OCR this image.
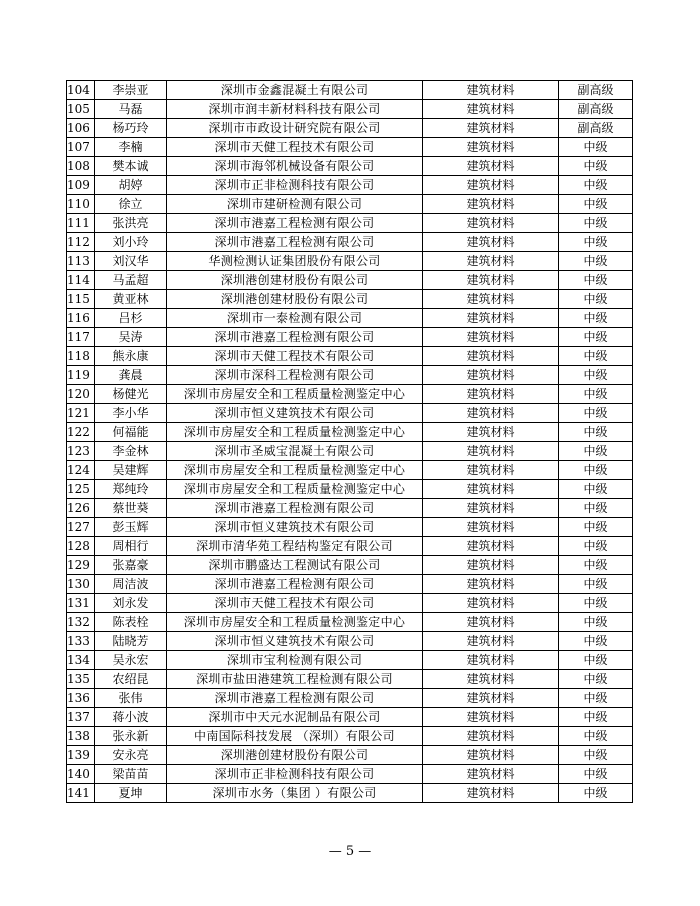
104	李崇亚	深圳市金鑫混凝土有限公司	建筑材料	副高级
105	马磊	深圳市润丰新材料科技有限公司	建筑材料	副高级
106	杨巧玲	深圳市市政设计研究院有限公司	建筑材料	副高级
107	李楠	深圳市天健工程技术有限公司	建筑材料	中级
108	樊本诚	深圳市海邻机械设备有限公司	建筑材料	中级
109	胡婷	深圳市正非检测科技有限公司	建筑材料	中级
110	徐立	深圳市建研检测有限公司	建筑材料	中级
111	张洪亮	深圳市港嘉工程检测有限公司	建筑材料	中级
112	刘小玲	深圳市港嘉工程检测有限公司	建筑材料	中级
113	刘汉华	华测检测认证集团股份有限公司	建筑材料	中级
114	马孟超	深圳港创建材股份有限公司	建筑材料	中级
115	黄亚林	深圳港创建材股份有限公司	建筑材料	中级
116	吕杉	深圳市一泰检测有限公司	建筑材料	中级
117	吴涛	深圳市港嘉工程检测有限公司	建筑材料	中级
118	熊永康	深圳市天健工程技术有限公司	建筑材料	中级
119	龚晨	深圳市深科工程检测有限公司	建筑材料	中级
120	杨健光	深圳市房屋安全和工程质量检测鉴定中心	建筑材料	中级
121	李小华	深圳市恒义建筑技术有限公司	建筑材料	中级
122	何福能	深圳市房屋安全和工程质量检测鉴定中心	建筑材料	中级
123	李金林	深圳市圣威宝混凝土有限公司	建筑材料	中级
124	吴建辉	深圳市房屋安全和工程质量检测鉴定中心	建筑材料	中级
125	郑纯玲	深圳市房屋安全和工程质量检测鉴定中心	建筑材料	中级
126	蔡世葵	深圳市港嘉工程检测有限公司	建筑材料	中级
127	彭玉辉	深圳市恒义建筑技术有限公司	建筑材料	中级
128	周相行	深圳市清华苑工程结构鉴定有限公司	建筑材料	中级
129	张嘉豪	深圳市鹏盛达工程测试有限公司	建筑材料	中级
130	周洁波	深圳市港嘉工程检测有限公司	建筑材料	中级
131	刘永发	深圳市天健工程技术有限公司	建筑材料	中级
132	陈表栓	深圳市房屋安全和工程质量检测鉴定中心	建筑材料	中级
133	陆晓芳	深圳市恒义建筑技术有限公司	建筑材料	中级
134	吴永宏	深圳市宝利检测有限公司	建筑材料	中级
135	农绍昆	深圳市盐田港建筑工程检测有限公司	建筑材料	中级
136	张伟	深圳市港嘉工程检测有限公司	建筑材料	中级
137	蒋小波	深圳市中天元水泥制品有限公司	建筑材料	中级
138	张永新	中南国际科技发展 （深圳）有限公司	建筑材料	中级
139	安永亮	深圳港创建材股份有限公司	建筑材料	中级
140	梁苗苗	深圳市正非检测科技有限公司	建筑材料	中级
141	夏坤	深圳市水务（集团 ）有限公司	建筑材料	中级
— 5 —
